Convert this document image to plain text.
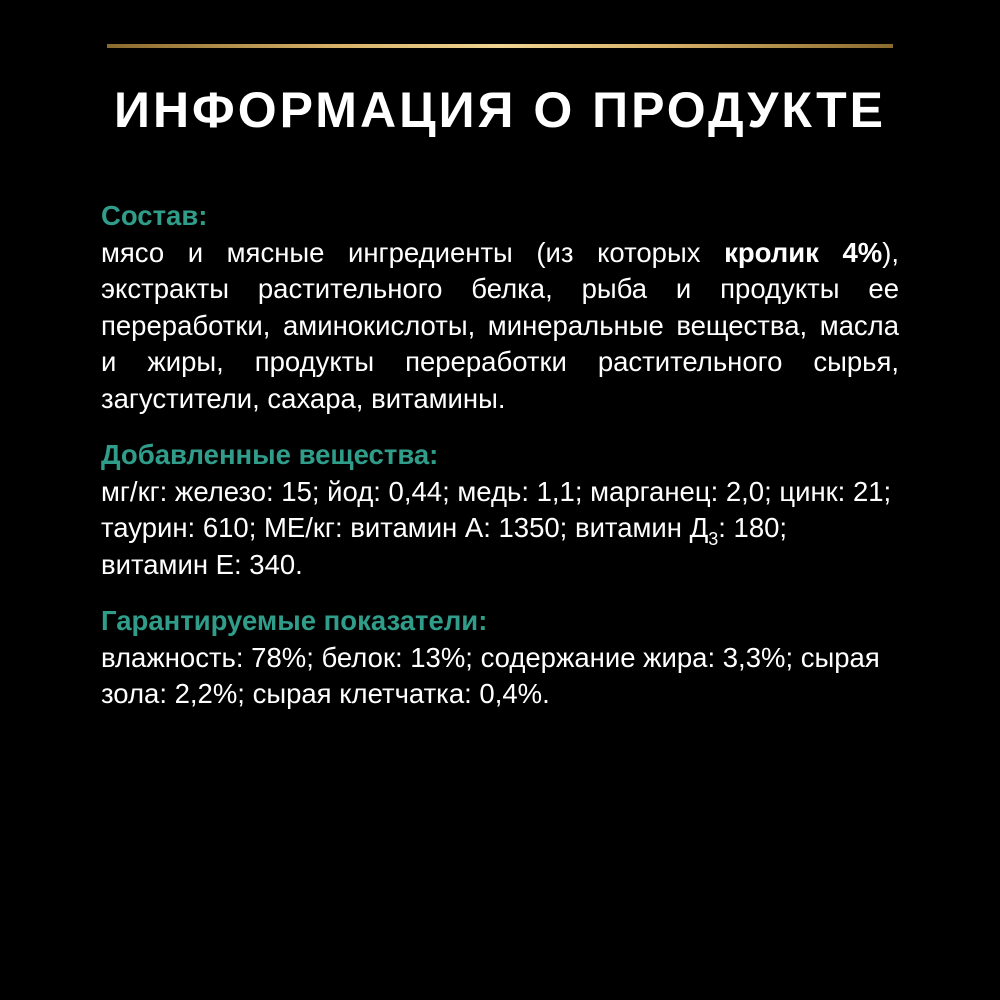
ИНФОРМАЦИЯ О ПРОДУКТЕ
Состав:
мясо и мясные ингредиенты (из которых кролик 4%), экстракты растительного белка, рыба и продукты ее переработки, аминокислоты, минеральные вещества, масла и жиры, продукты переработки растительного сырья, загустители, сахара, витамины.
Добавленные вещества:
мг/кг: железо: 15; йод: 0,44; медь: 1,1; марганец: 2,0; цинк: 21; таурин: 610; МЕ/кг: витамин А: 1350; витамин $Д_3$: 180; витамин Е: 340.
Гарантируемые показатели:
влажность: 78%; белок: 13%; содержание жира: 3,3%; сырая зола: 2,2%; сырая клетчатка: 0,4%.
